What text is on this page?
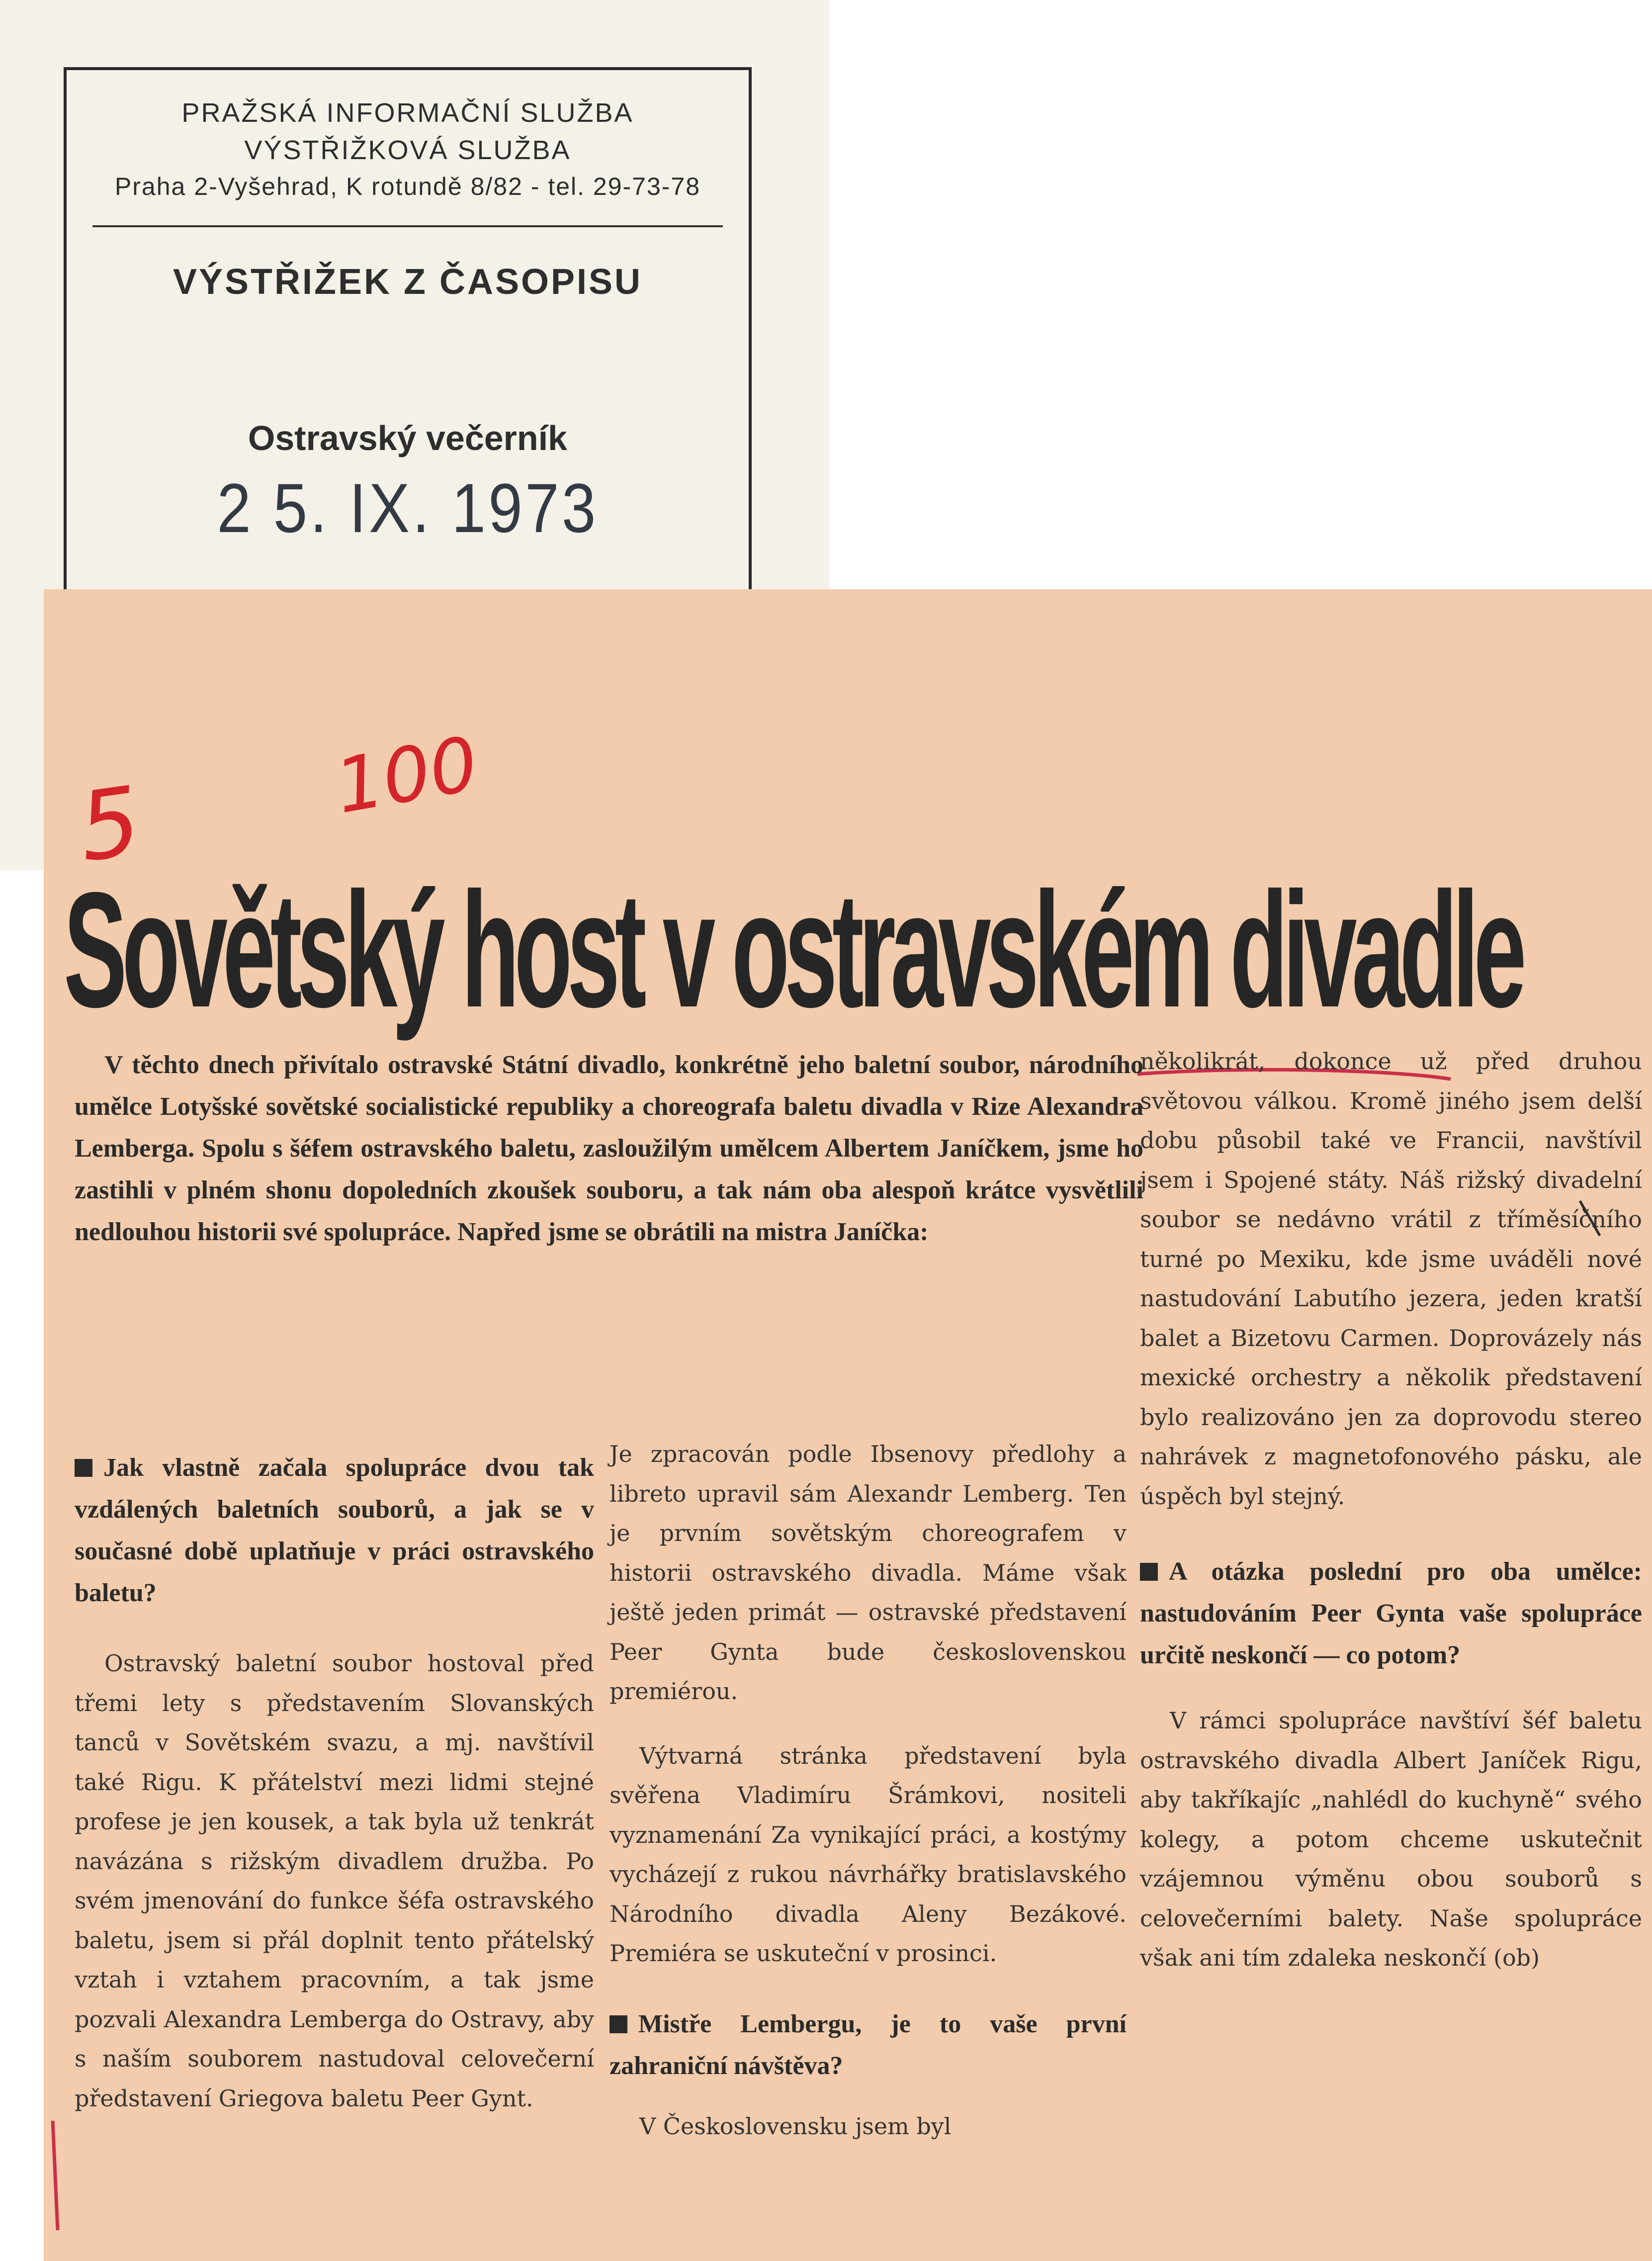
PRAŽSKÁ INFORMAČNÍ SLUŽBA
VÝSTŘIŽKOVÁ SLUŽBA
Praha 2-Vyšehrad, K rotundě 8/82 - tel. 29-73-78
VÝSTŘIŽEK Z ČASOPISU
Ostravský večerník
2 5. IX. 1973
5 100
Sovětský host v ostravském divadle

V těchto dnech přivítalo ostravské Státní divadlo, konkrétně jeho baletní soubor, národního umělce Lotyšské sovětské socialistické republiky a choreografa baletu divadla v Rize Alexandra Lemberga. Spolu s šéfem ostravského baletu, zasloužilým umělcem Albertem Janíčkem, jsme ho zastihli v plném shonu dopoledních zkoušek souboru, a tak nám oba alespoň krátce vysvětlili nedlouhou historii své spolupráce. Napřed jsme se obrátili na mistra Janíčka:

Jak vlastně začala spolupráce dvou tak vzdálených baletních souborů, a jak se v současné době uplatňuje v práci ostravského baletu?

Ostravský baletní soubor hostoval před třemi lety s představením Slovanských tanců v Sovětském svazu, a mj. navštívil také Rigu. K přátelství mezi lidmi stejné profese je jen kousek, a tak byla už tenkrát navázána s rižským divadlem družba. Po svém jmenování do funkce šéfa ostravského baletu, jsem si přál doplnit tento přátelský vztah i vztahem pracovním, a tak jsme pozvali Alexandra Lemberga do Ostravy, aby s naším souborem nastudoval celovečerní představení Griegova baletu Peer Gynt.

Je zpracován podle Ibsenovy předlohy a libreto upravil sám Alexandr Lemberg. Ten je prvním sovětským choreografem v historii ostravského divadla. Máme však ještě jeden primát — ostravské představení Peer Gynta bude československou premiérou.

Výtvarná stránka představení byla svěřena Vladimíru Šrámkovi, nositeli vyznamenání Za vynikající práci, a kostýmy vycházejí z rukou návrhářky bratislavského Národního divadla Aleny Bezákové. Premiéra se uskuteční v prosinci.

Mistře Lembergu, je to vaše první zahraniční návštěva?

V Československu jsem byl

několikrát, dokonce už před druhou světovou válkou. Kromě jiného jsem delší dobu působil také ve Francii, navštívil jsem i Spojené státy. Náš rižský divadelní soubor se nedávno vrátil z tříměsíčního turné po Mexiku, kde jsme uváděli nové nastudování Labutího jezera, jeden kratší balet a Bizetovu Carmen. Doprovázely nás mexické orchestry a několik představení bylo realizováno jen za doprovodu stereo nahrávek z magnetofonového pásku, ale úspěch byl stejný.

A otázka poslední pro oba umělce: nastudováním Peer Gynta vaše spolupráce určitě neskončí — co potom?

V rámci spolupráce navštíví šéf baletu ostravského divadla Albert Janíček Rigu, aby takříkajíc „nahlédl do kuchyně“ svého kolegy, a potom chceme uskutečnit vzájemnou výměnu obou souborů s celovečerními balety. Naše spolupráce však ani tím zdaleka neskončí (ob)
